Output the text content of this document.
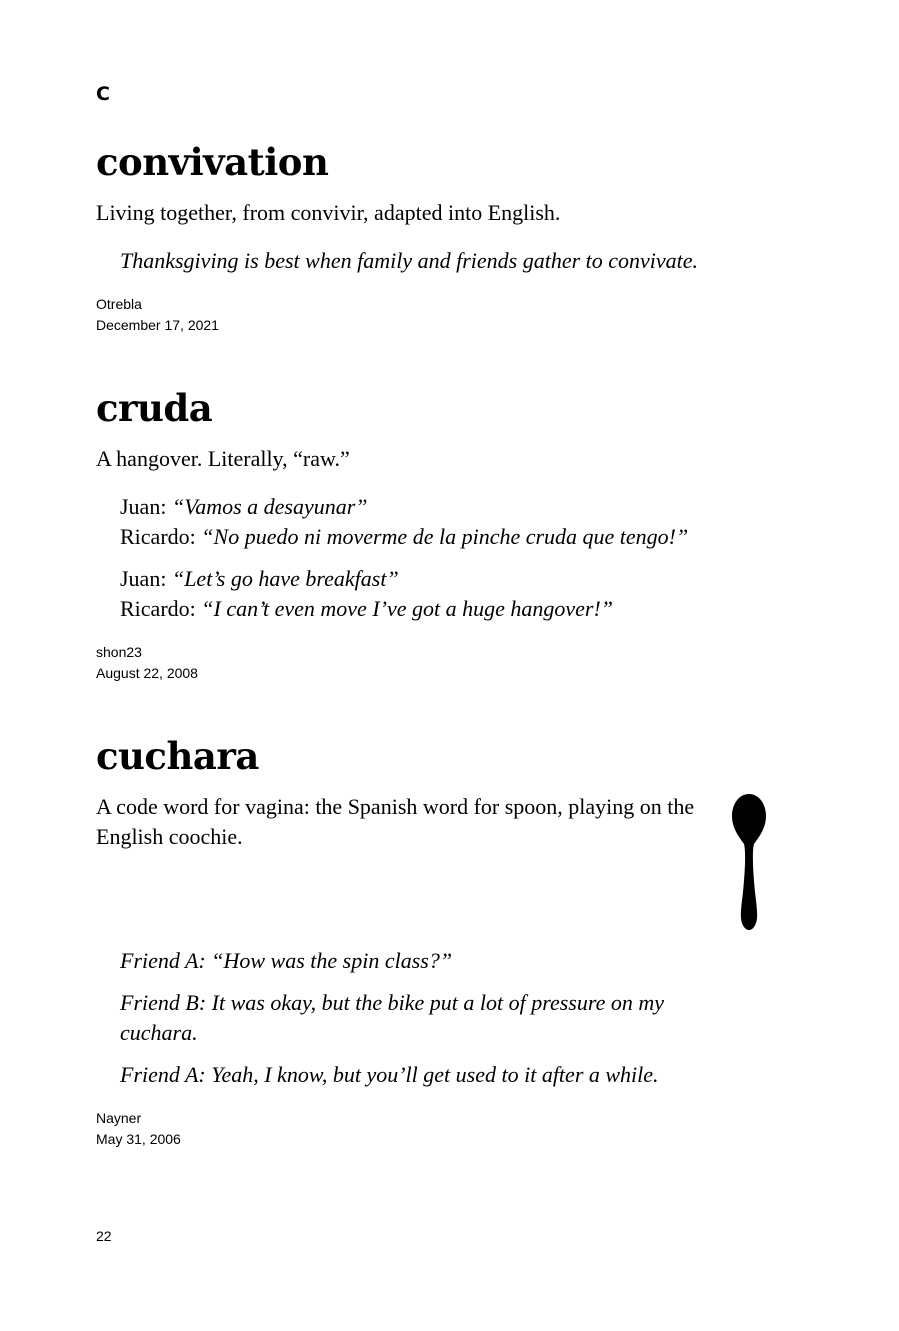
C
convivation
Living together, from convivir, adapted into English.
Thanksgiving is best when family and friends gather to convivate.
Otrebla
December 17, 2021
cruda
A hangover. Literally, “raw.”
Juan: “Vamos a desayunar”
Ricardo: “No puedo ni moverme de la pinche cruda que tengo!”
Juan: “Let’s go have breakfast”
Ricardo: “I can’t even move I’ve got a huge hangover!”
shon23
August 22, 2008
cuchara
A code word for vagina: the Spanish word for spoon, playing on the English coochie.
Friend A: “How was the spin class?”
Friend B: It was okay, but the bike put a lot of pressure on my cuchara.
Friend A: Yeah, I know, but you’ll get used to it after a while.
Nayner
May 31, 2006
22
